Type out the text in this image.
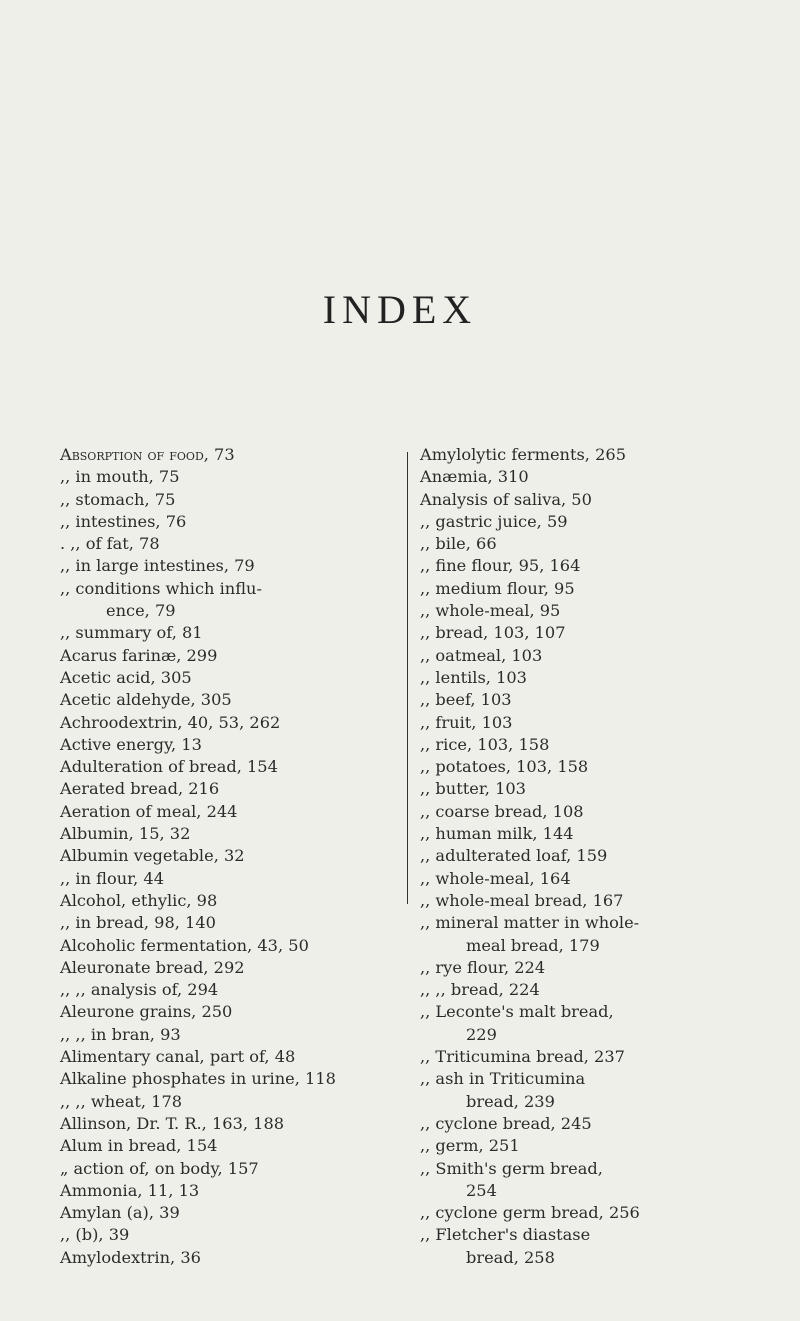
INDEX
Absorption of food, 73
,, in mouth, 75
,, stomach, 75
,, intestines, 76
. ,, of fat, 78
,, in large intestines, 79
,, conditions which influ-
ence, 79
,, summary of, 81
Acarus farinæ, 299
Acetic acid, 305
Acetic aldehyde, 305
Achroodextrin, 40, 53, 262
Active energy, 13
Adulteration of bread, 154
Aerated bread, 216
Aeration of meal, 244
Albumin, 15, 32
Albumin vegetable, 32
,, in flour, 44
Alcohol, ethylic, 98
,, in bread, 98, 140
Alcoholic fermentation, 43, 50
Aleuronate bread, 292
,, ,, analysis of, 294
Aleurone grains, 250
,, ,, in bran, 93
Alimentary canal, part of, 48
Alkaline phosphates in urine, 118
,, ,, wheat, 178
Allinson, Dr. T. R., 163, 188
Alum in bread, 154
„ action of, on body, 157
Ammonia, 11, 13
Amylan (a), 39
,, (b), 39
Amylodextrin, 36
Amylolytic ferments, 265
Anæmia, 310
Analysis of saliva, 50
,, gastric juice, 59
,, bile, 66
,, fine flour, 95, 164
,, medium flour, 95
,, whole-meal, 95
,, bread, 103, 107
,, oatmeal, 103
,, lentils, 103
,, beef, 103
,, fruit, 103
,, rice, 103, 158
,, potatoes, 103, 158
,, butter, 103
,, coarse bread, 108
,, human milk, 144
,, adulterated loaf, 159
,, whole-meal, 164
,, whole-meal bread, 167
,, mineral matter in whole-
meal bread, 179
,, rye flour, 224
,, ,, bread, 224
,, Leconte's malt bread,
229
,, Triticumina bread, 237
,, ash in Triticumina
bread, 239
,, cyclone bread, 245
,, germ, 251
,, Smith's germ bread,
254
,, cyclone germ bread, 256
,, Fletcher's diastase
bread, 258
